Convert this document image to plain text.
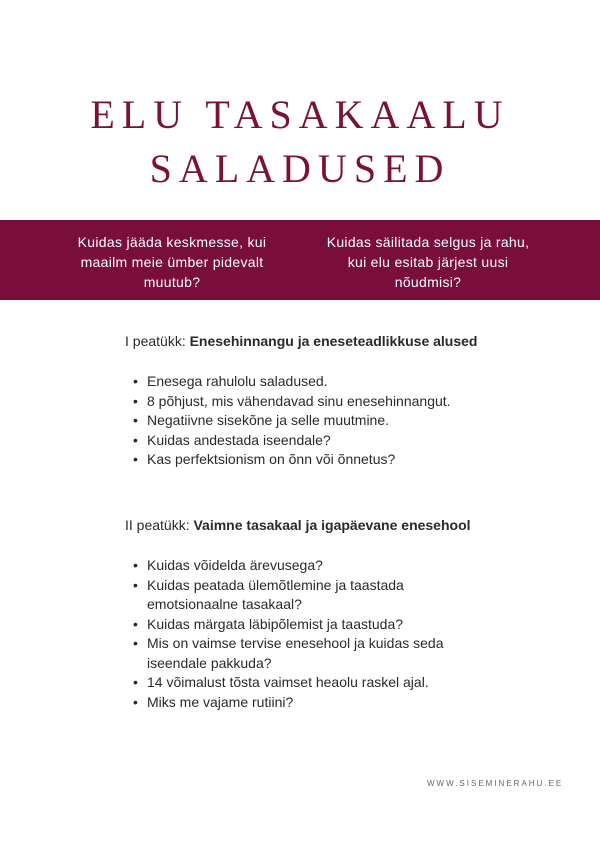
ELU TASAKAALU
SALADUSED
Kuidas jääda keskmesse, kui maailm meie ümber pidevalt muutub?
Kuidas säilitada selgus ja rahu, kui elu esitab järjest uusi nõudmisi?
I peatükk: Enesehinnangu ja eneseteadlikkuse alused
• Enesega rahulolu saladused.
• 8 põhjust, mis vähendavad sinu enesehinnangut.
• Negatiivne sisekõne ja selle muutmine.
• Kuidas andestada iseendale?
• Kas perfektsionism on õnn või õnnetus?
II peatükk: Vaimne tasakaal ja igapäevane enesehool
• Kuidas võidelda ärevusega?
• Kuidas peatada ülemõtlemine ja taastada emotsionaalne tasakaal?
• Kuidas märgata läbipõlemist ja taastuda?
• Mis on vaimse tervise enesehool ja kuidas seda iseendale pakkuda?
• 14 võimalust tõsta vaimset heaolu raskel ajal.
• Miks me vajame rutiini?
WWW.SISEMINERAHU.EE
